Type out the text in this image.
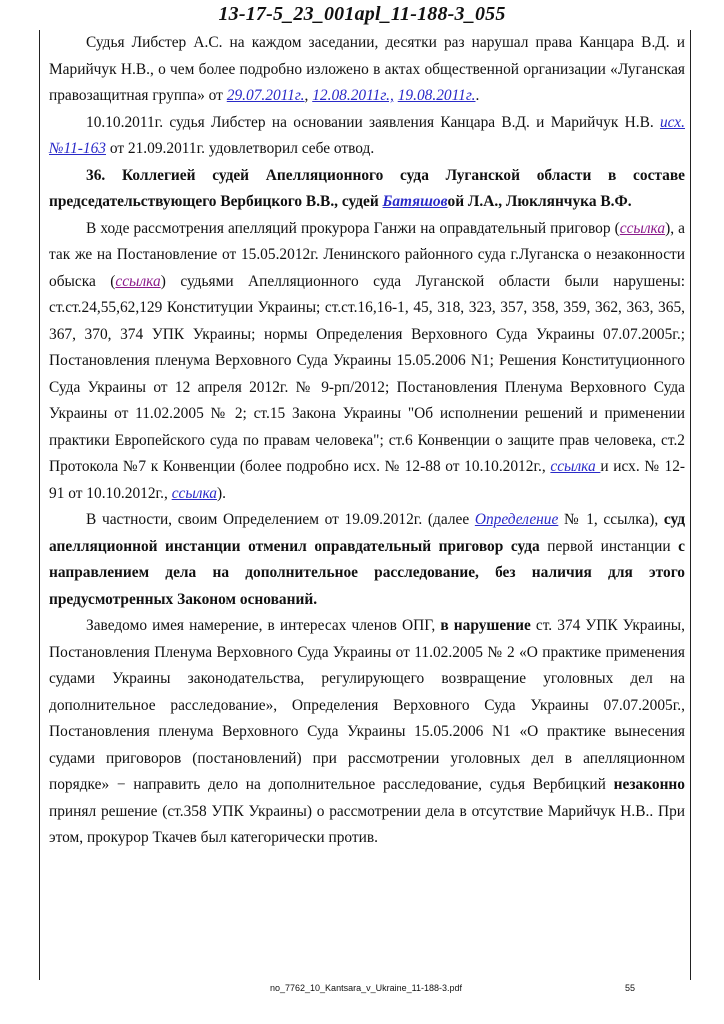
13-17-5_23_001apl_11-188-3_055

Судья Либстер А.С. на каждом заседании, десятки раз нарушал права Канцара В.Д. и Марийчук Н.В., о чем более подробно изложено в актах общественной организации «Луганская правозащитная группа» от 29.07.2011г., 12.08.2011г., 19.08.2011г..

10.10.2011г. судья Либстер на основании заявления Канцара В.Д. и Марийчук Н.В. исх.№11-163 от 21.09.2011г. удовлетворил себе отвод.

36. Коллегией судей Апелляционного суда Луганской области в составе председательствующего Вербицкого В.В., судей Батяшовой Л.А., Люклянчука В.Ф.

В ходе рассмотрения апелляций прокурора Ганжи на оправдательный приговор (ссылка), а так же на Постановление от 15.05.2012г. Ленинского районного суда г.Луганска о незаконности обыска (ссылка) судьями Апелляционного суда Луганской области были нарушены: ст.ст.24,55,62,129 Конституции Украины; ст.ст.16,16-1, 45, 318, 323, 357, 358, 359, 362, 363, 365, 367, 370, 374 УПК Украины; нормы Определения Верховного Суда Украины 07.07.2005г.; Постановления пленума Верховного Суда Украины 15.05.2006 N1; Решения Конституционного Суда Украины от 12 апреля 2012г. № 9-рп/2012; Постановления Пленума Верховного Суда Украины от 11.02.2005 № 2; ст.15 Закона Украины "Об исполнении решений и применении практики Европейского суда по правам человека"; ст.6 Конвенции о защите прав человека, ст.2 Протокола №7 к Конвенции (более подробно исх. № 12-88 от 10.10.2012г., ссылка и исх. № 12-91 от 10.10.2012г., ссылка).

В частности, своим Определением от 19.09.2012г. (далее Определение № 1, ссылка), суд апелляционной инстанции отменил оправдательный приговор суда первой инстанции с направлением дела на дополнительное расследование, без наличия для этого предусмотренных Законом оснований.

Заведомо имея намерение, в интересах членов ОПГ, в нарушение ст. 374 УПК Украины, Постановления Пленума Верховного Суда Украины от 11.02.2005 № 2 «О практике применения судами Украины законодательства, регулирующего возвращение уголовных дел на дополнительное расследование», Определения Верховного Суда Украины 07.07.2005г., Постановления пленума Верховного Суда Украины 15.05.2006 N1 «О практике вынесения судами приговоров (постановлений) при рассмотрении уголовных дел в апелляционном порядке» − направить дело на дополнительное расследование, судья Вербицкий незаконно принял решение (ст.358 УПК Украины) о рассмотрении дела в отсутствие Марийчук Н.В.. При этом, прокурор Ткачев был категорически против.

no_7762_10_Kantsara_v_Ukraine_11-188-3.pdf	55
